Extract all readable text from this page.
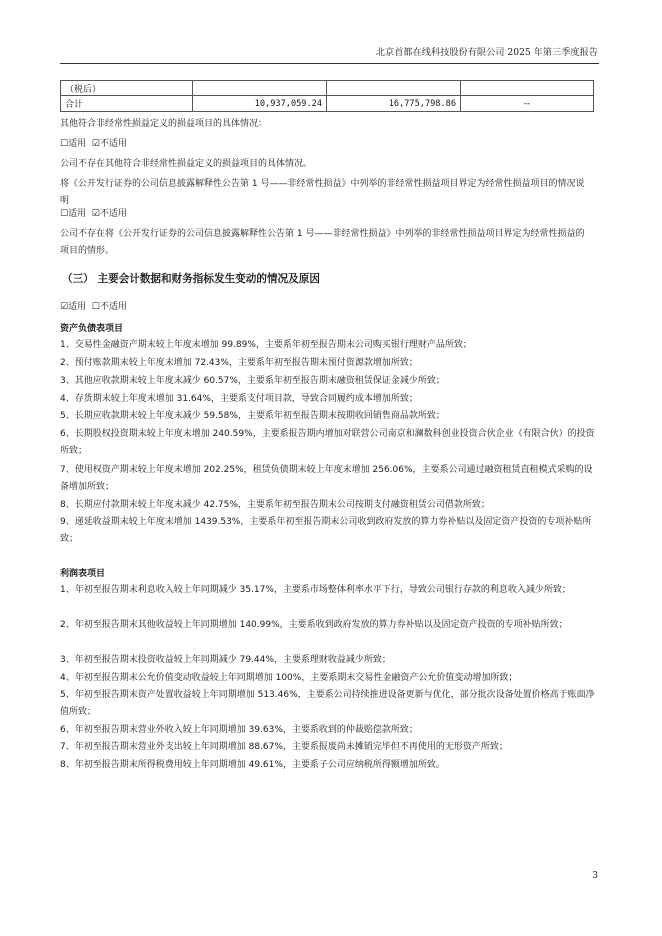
北京首都在线科技股份有限公司 2025 年第三季度报告
（税后）			
合计	10,937,059.24	16,775,798.86	--
其他符合非经常性损益定义的损益项目的具体情况：
☐适用  ☑不适用
公司不存在其他符合非经常性损益定义的损益项目的具体情况。
将《公开发行证券的公司信息披露解释性公告第 1 号——非经常性损益》中列举的非经常性损益项目界定为经常性损益项目的情况说明
☐适用  ☑不适用
公司不存在将《公开发行证券的公司信息披露解释性公告第 1 号——非经常性损益》中列举的非经常性损益项目界定为经常性损益的项目的情形。
（三） 主要会计数据和财务指标发生变动的情况及原因
☑适用  ☐不适用
资产负债表项目
1、交易性金融资产期末较上年度末增加 99.89%，主要系年初至报告期末公司购买银行理财产品所致；
2、预付账款期末较上年度末增加 72.43%，主要系年初至报告期末预付资源款增加所致；
3、其他应收款期末较上年度末减少 60.57%，主要系年初至报告期末融资租赁保证金减少所致；
4、存货期末较上年度末增加 31.64%，主要系支付项目款，导致合同履约成本增加所致；
5、长期应收款期末较上年度末减少 59.58%，主要系年初至报告期末按期收回销售商品款所致；
6、长期股权投资期末较上年度末增加 240.59%，主要系报告期内增加对联营公司南京和澜数科创业投资合伙企业（有限合伙）的投资所致；
7、使用权资产期末较上年度末增加 202.25%，租赁负债期末较上年度末增加 256.06%，主要系公司通过融资租赁直租模式采购的设备增加所致；
8、长期应付款期末较上年度末减少 42.75%，主要系年初至报告期末公司按期支付融资租赁公司借款所致；
9、递延收益期末较上年度末增加 1439.53%，主要系年初至报告期末公司收到政府发放的算力券补贴以及固定资产投资的专项补贴所致；
利润表项目
1、年初至报告期末利息收入较上年同期减少 35.17%，主要系市场整体利率水平下行，导致公司银行存款的利息收入减少所致；
2、年初至报告期末其他收益较上年同期增加 140.99%，主要系收到政府发放的算力券补贴以及固定资产投资的专项补贴所致；
3、年初至报告期末投资收益较上年同期减少 79.44%，主要系理财收益减少所致；
4、年初至报告期末公允价值变动收益较上年同期增加 100%，主要系期末交易性金融资产公允价值变动增加所致；
5、年初至报告期末资产处置收益较上年同期增加 513.46%，主要系公司持续推进设备更新与优化，部分批次设备处置价格高于账面净值所致；
6、年初至报告期末营业外收入较上年同期增加 39.63%，主要系收到的仲裁赔偿款所致；
7、年初至报告期末营业外支出较上年同期增加 88.67%，主要系报废尚未摊销完毕但不再使用的无形资产所致；
8、年初至报告期末所得税费用较上年同期增加 49.61%，主要系子公司应纳税所得额增加所致。
3
